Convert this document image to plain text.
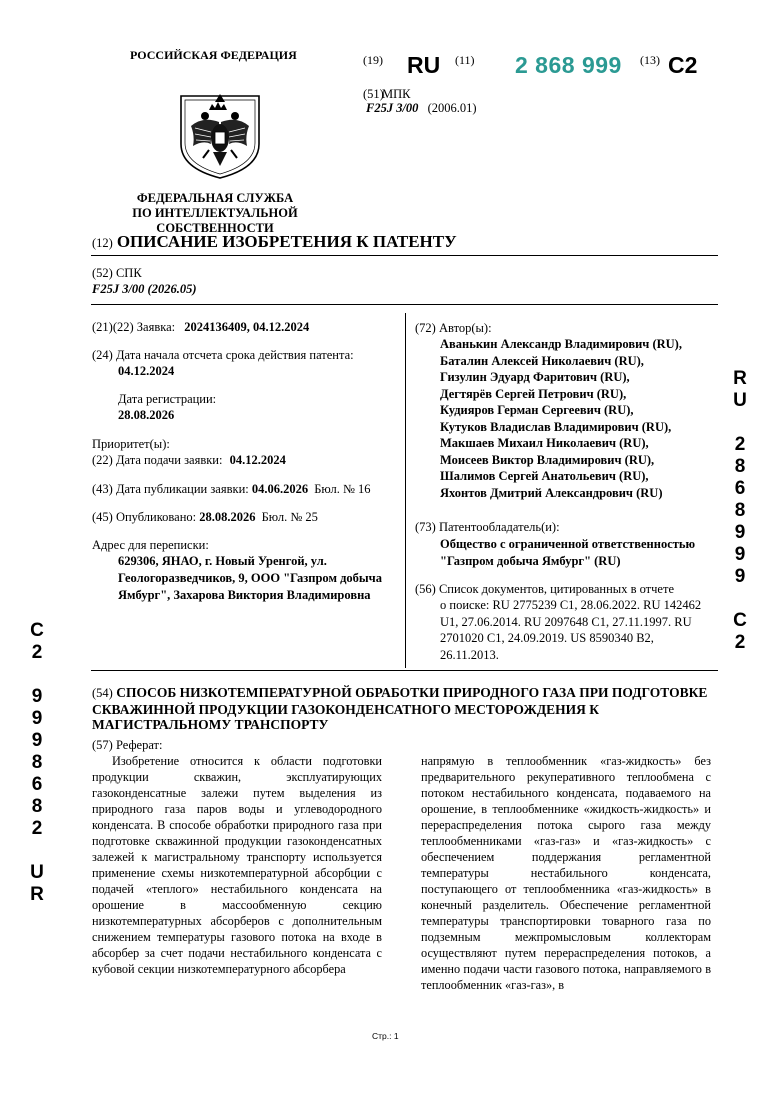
РОССИЙСКАЯ ФЕДЕРАЦИЯ
ФЕДЕРАЛЬНАЯ СЛУЖБА
ПО ИНТЕЛЛЕКТУАЛЬНОЙ СОБСТВЕННОСТИ
(19) RU (11) 2 868 999 (13) C2
(51)
МПК
F25J 3/00 (2006.01)
(12) ОПИСАНИЕ ИЗОБРЕТЕНИЯ К ПАТЕНТУ
(52) СПК
F25J 3/00 (2026.05)
(21)(22) Заявка: 2024136409, 04.12.2024
(24) Дата начала отсчета срока действия патента:
04.12.2024
Дата регистрации:
28.08.2026
Приоритет(ы):
(22) Дата подачи заявки: 04.12.2024
(43) Дата публикации заявки: 04.06.2026 Бюл. № 16
(45) Опубликовано: 28.08.2026 Бюл. № 25
Адрес для переписки:
629306, ЯНАО, г. Новый Уренгой, ул.
Геологоразведчиков, 9, ООО "Газпром добыча
Ямбург", Захарова Виктория Владимировна
(72) Автор(ы):
Аванькин Александр Владимирович (RU),
Баталин Алексей Николаевич (RU),
Гизулин Эдуард Фаритович (RU),
Дегтярёв Сергей Петрович (RU),
Кудияров Герман Сергеевич (RU),
Кутуков Владислав Владимирович (RU),
Макшаев Михаил Николаевич (RU),
Моисеев Виктор Владимирович (RU),
Шалимов Сергей Анатольевич (RU),
Яхонтов Дмитрий Александрович (RU)
(73) Патентообладатель(и):
Общество с ограниченной ответственностью
"Газпром добыча Ямбург" (RU)
(56) Список документов, цитированных в отчете
о поиске: RU 2775239 C1, 28.06.2022. RU 142462
U1, 27.06.2014. RU 2097648 C1, 27.11.1997. RU
2701020 C1, 24.09.2019. US 8590340 B2,
26.11.2013.
R
U
2
8
6
8
9
9
9
C
2
C
2
9
9
9
8
6
8
2
U
R
(54) СПОСОБ НИЗКОТЕМПЕРАТУРНОЙ ОБРАБОТКИ ПРИРОДНОГО ГАЗА ПРИ ПОДГОТОВКЕ СКВАЖИННОЙ ПРОДУКЦИИ ГАЗОКОНДЕНСАТНОГО МЕСТОРОЖДЕНИЯ К МАГИСТРАЛЬНОМУ ТРАНСПОРТУ
(57) Реферат:

Изобретение относится к области подготовки продукции скважин, эксплуатирующих газоконденсатные залежи путем выделения из природного газа паров воды и углеводородного конденсата. В способе обработки природного газа при подготовке скважинной продукции газоконденсатных залежей к магистральному транспорту используется применение схемы низкотемпературной абсорбции с подачей «теплого» нестабильного конденсата на орошение в массообменную секцию низкотемпературных абсорберов с дополнительным снижением температуры газового потока на входе в абсорбер за счет подачи нестабильного конденсата с кубовой секции низкотемпературного абсорбера

напрямую в теплообменник «газ-жидкость» без предварительного рекуперативного теплообмена с потоком нестабильного конденсата, подаваемого на орошение, в теплообменнике «жидкость-жидкость» и перераспределения потока сырого газа между теплообменниками «газ-газ» и «газ-жидкость» с обеспечением поддержания регламентной температуры нестабильного конденсата, поступающего от теплообменника «газ-жидкость» в конечный разделитель. Обеспечение регламентной температуры транспортировки товарного газа по подземным межпромысловым коллекторам осуществляют путем перераспределения потоков, а именно подачи части газового потока, направляемого в теплообменник «газ-газ», в

Стр.: 1
